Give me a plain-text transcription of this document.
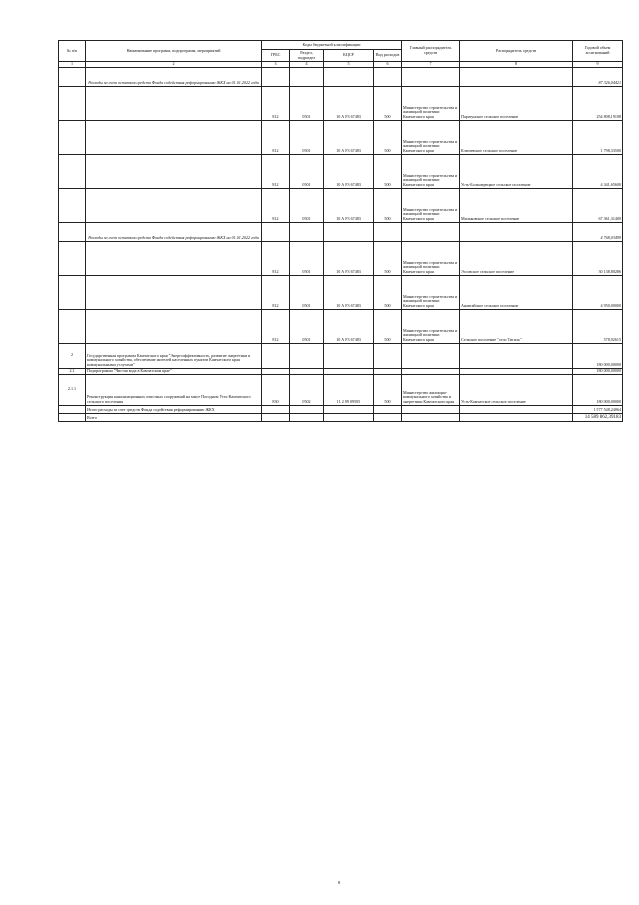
№ п/п	Наименование программ, подпрограмм, мероприятий	Коды бюджетной классификации				Главный распорядитель средств	Распорядитель средств	Годовой объем ассигнований
		ГРБС	Раздел, подраздел	КЦСР	Вид расходов			
1	2	3	4	5	6	7	8	9
	Расходы за счет остатков средств Фонда содействия реформированию ЖКХ на 01.01.2022 года							87 326,04421
		812	0501	10 А F3 67483	500	Министерство строительства и жилищной политики Камчатского края	Паратунское сельское поселение	254 808,19108
		812	0501	10 А F3 67483	500	Министерство строительства и жилищной политики Камчатского края	Ключевское сельское поселение	1 798,33500
		812	0501	10 А F3 67483	500	Министерство строительства и жилищной политики Камчатского края	Усть-Большерецкое сельское поселение	4 341,65600
		812	0501	10 А F3 67483	500	Министерство строительства и жилищной политики Камчатского края	Мильковское сельское поселение	67 361,31400
	Расходы за счет остатков средств Фонда содействия реформированию ЖКХ на 01.01.2022 года							4 768,03499
		812	0501	10 А F3 67483	500	Министерство строительства и жилищной политики Камчатского края	Эссовское сельское поселение	30 138,80286
		812	0501	10 А F3 67483	500	Министерство строительства и жилищной политики Камчатского края	Анавгайское сельское поселение	4 950,00000
		812	0501	10 А F3 67483	500	Министерство строительства и жилищной политики Камчатского края	Сельское поселение "село Тигиль"	578,92615
2	Государственная программа Камчатского края "Энергоэффективность, развитие энергетики и коммунального хозяйства, обеспечение жителей населенных пунктов Камчатского края коммунальными услугами"							180 000,00000
2.1	Подпрограмма "Чистая вода в Камчатском крае"							180 000,00000
2.1.1	Реконструкция канализационных очистных сооружений на мысе Погодном Усть-Камчатского сельского поселения	830	0502	11 2 09 09505	500	Министерство жилищно-коммунального хозяйства и энергетики Камчатского края	Усть-Камчатское сельское поселение	180 000,00000
	Итого расходы за счет средств Фонда содействия реформированию ЖКХ							1 577 548,24064
	Всего							14 589 862,39183
8
